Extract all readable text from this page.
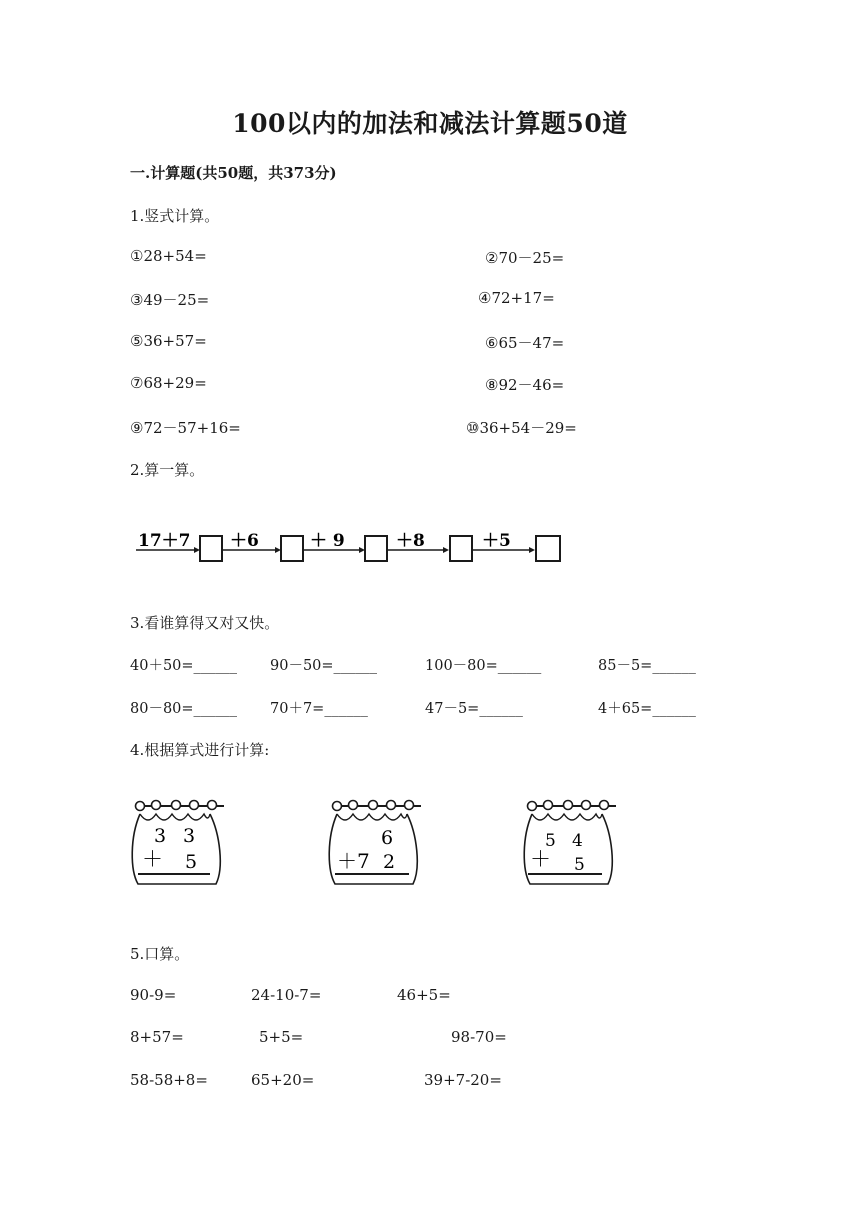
100以内的加法和减法计算题50道
一.计算题(共50题，共373分)
1.竖式计算。
①28+54=	②70－25=
③49－25=	④72+17=
⑤36+57=	⑥65－47=
⑦68+29=	⑧92－46=
⑨72－57+16=	⑩36+54－29=
2.算一算。
17＋7 ＋6	＋ 9	＋8	＋5
3.看谁算得又对又快。
40＋50=______ 90－50=______	100－80=______	85－5=______
80－80=______ 70＋7=______	47－5=______	4＋65=______
4.根据算式进行计算:
3 3
＋ 5
6
＋7 2
5 4
＋ 5
5.口算。
90-9=	24-10-7=	46+5=
8+57=	5+5=	98-70=
58-58+8=	65+20=	39+7-20=
